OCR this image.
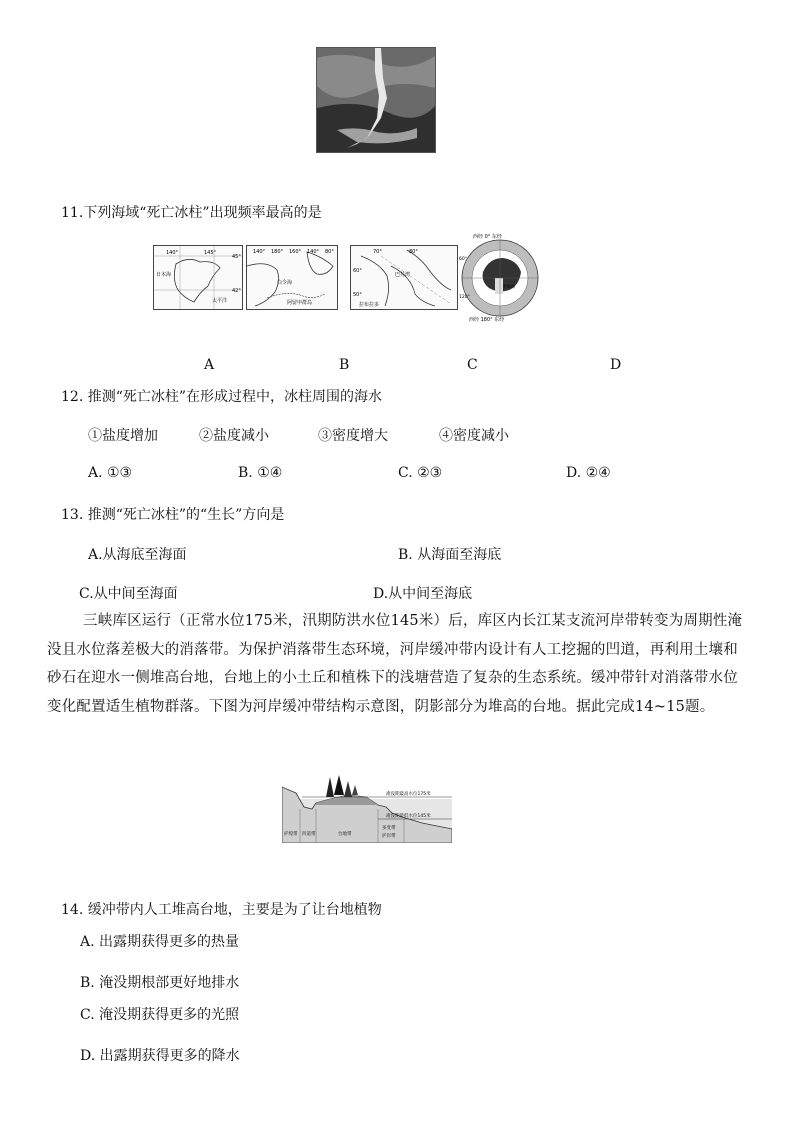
11.下列海域“死亡冰柱”出现频率最高的是
140°	145°
45°
42°
日本海
太平洋
140° 180° 160° 140° 80°
白令海
阿留申群岛
70°	80°
60°
50°
巴芬湾
拉布拉多
西经 0° 东经
60°
120°
罗斯海
西经 180° 东经
A	B	C	D
12. 推测“死亡冰柱”在形成过程中，冰柱周围的海水
①盐度增加	②盐度减小	③密度增大	④密度减小
A. ①③	B. ①④	C. ②③	D. ②④
13. 推测“死亡冰柱”的“生长”方向是
A.从海底至海面	B. 从海面至海底
C.从中间至海面	D.从中间至海底
三峡库区运行（正常水位175米，汛期防洪水位145米）后，库区内长江某支流河岸带转变为周期性淹没且水位落差极大的消落带。为保护消落带生态环境，河岸缓冲带内设计有人工挖掘的凹道，再利用土壤和砂石在迎水一侧堆高台地，台地上的小土丘和植株下的浅塘营造了复杂的生态系统。缓冲带针对消落带水位变化配置适生植物群落。下图为河岸缓冲带结构示意图，阴影部分为堆高的台地。据此完成14~15题。
淹没期最高水位175米
淹没期最低水位145米
护堤带 凹道带	台地带
多变带
护岸带
14. 缓冲带内人工堆高台地，主要是为了让台地植物
A. 出露期获得更多的热量
B. 淹没期根部更好地排水
C. 淹没期获得更多的光照
D. 出露期获得更多的降水
